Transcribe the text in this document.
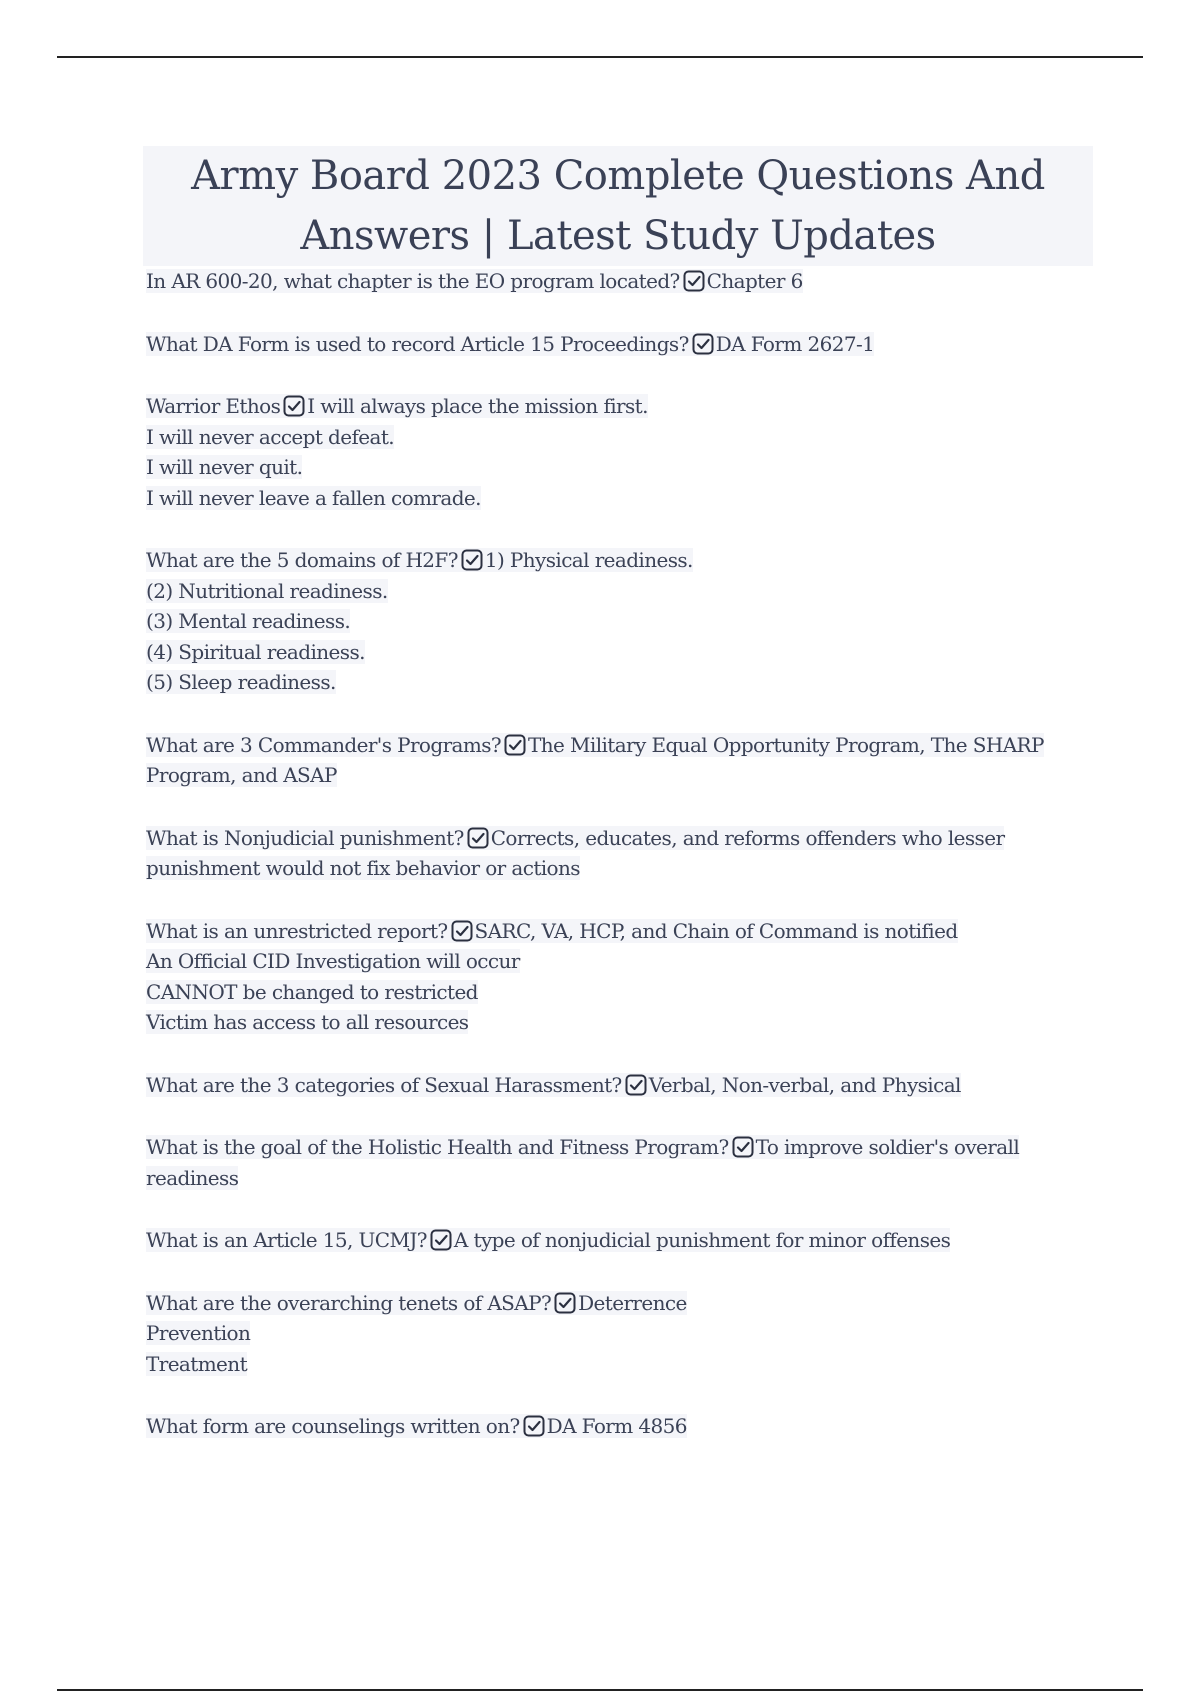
Army Board 2023 Complete Questions And
Answers | Latest Study Updates
In AR 600-20, what chapter is the EO program located? Chapter 6
What DA Form is used to record Article 15 Proceedings? DA Form 2627-1
Warrior Ethos I will always place the mission first.
I will never accept defeat.
I will never quit.
I will never leave a fallen comrade.
What are the 5 domains of H2F? 1) Physical readiness.
(2) Nutritional readiness.
(3) Mental readiness.
(4) Spiritual readiness.
(5) Sleep readiness.
What are 3 Commander's Programs? The Military Equal Opportunity Program, The SHARP
Program, and ASAP
What is Nonjudicial punishment? Corrects, educates, and reforms offenders who lesser
punishment would not fix behavior or actions
What is an unrestricted report? SARC, VA, HCP, and Chain of Command is notified
An Official CID Investigation will occur
CANNOT be changed to restricted
Victim has access to all resources
What are the 3 categories of Sexual Harassment? Verbal, Non-verbal, and Physical
What is the goal of the Holistic Health and Fitness Program? To improve soldier's overall readiness
What is an Article 15, UCMJ? A type of nonjudicial punishment for minor offenses
What are the overarching tenets of ASAP? Deterrence
Prevention
Treatment
What form are counselings written on? DA Form 4856
